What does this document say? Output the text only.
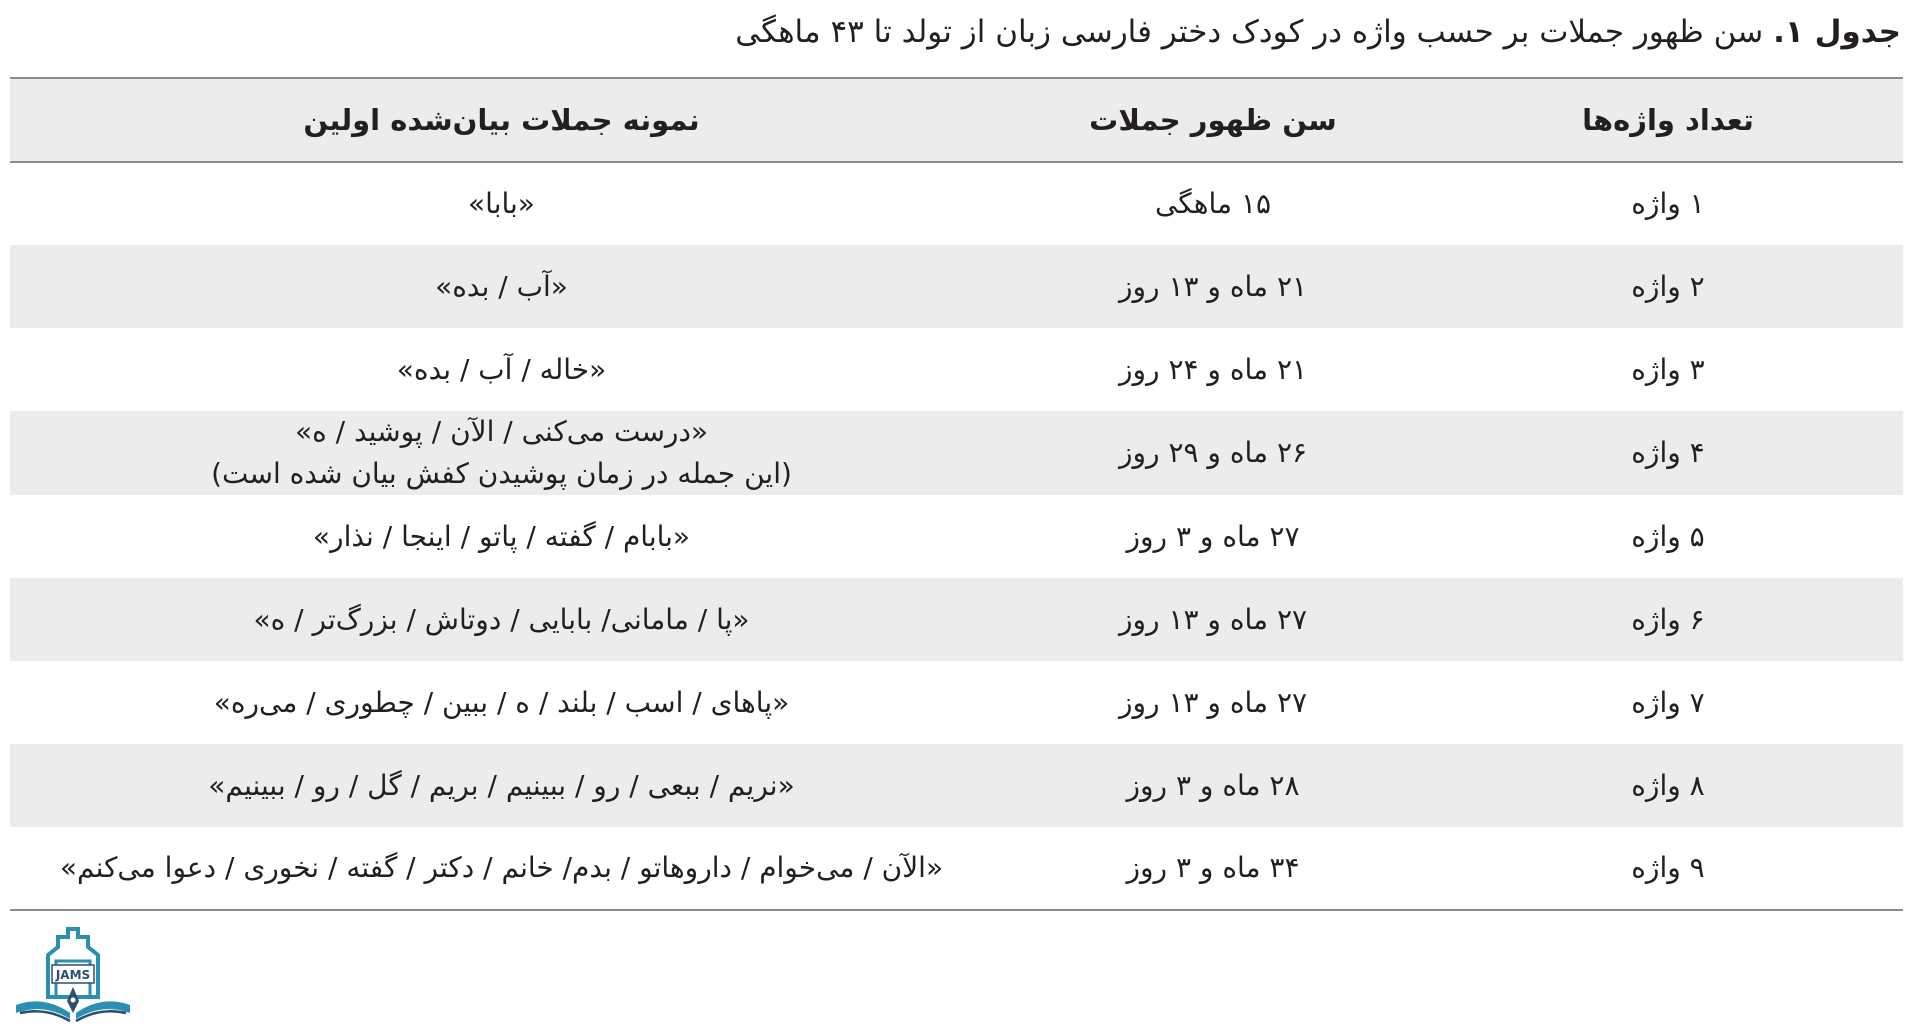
جدول ۱. سن ظهور جملات بر حسب واژه در کودک دختر فارسی زبان از تولد تا ۴۳ ماهگی
تعداد واژه‌ها	سن ظهور جملات	نمونه جملات بیان‌شده اولین
۱ واژه	۱۵ ماهگی	«بابا»
۲ واژه	۲۱ ماه و ۱۳ روز	«آب / بده»
۳ واژه	۲۱ ماه و ۲۴ روز	«خاله / آب / بده»
۴ واژه	۲۶ ماه و ۲۹ روز	«درست می‌کنی / الآن / پوشید / ه»
(این جمله در زمان پوشیدن کفش بیان شده است)

۵ واژه	۲۷ ماه و ۳ روز	«بابام / گفته / پاتو / اینجا / نذار»
۶ واژه	۲۷ ماه و ۱۳ روز	«پا / مامانی/ بابایی / دوتاش / بزرگ‌تر / ه»
۷ واژه	۲۷ ماه و ۱۳ روز	«پاهای / اسب / بلند / ه / ببین / چطوری / می‌ره»
۸ واژه	۲۸ ماه و ۳ روز	«نریم / ببعی / رو / ببینیم / بریم / گل / رو / ببینیم»
۹ واژه	۳۴ ماه و ۳ روز	«الآن / می‌خوام / داروهاتو / بدم/ خانم / دکتر / گفته / نخوری / دعوا می‌کنم»
JAMS
